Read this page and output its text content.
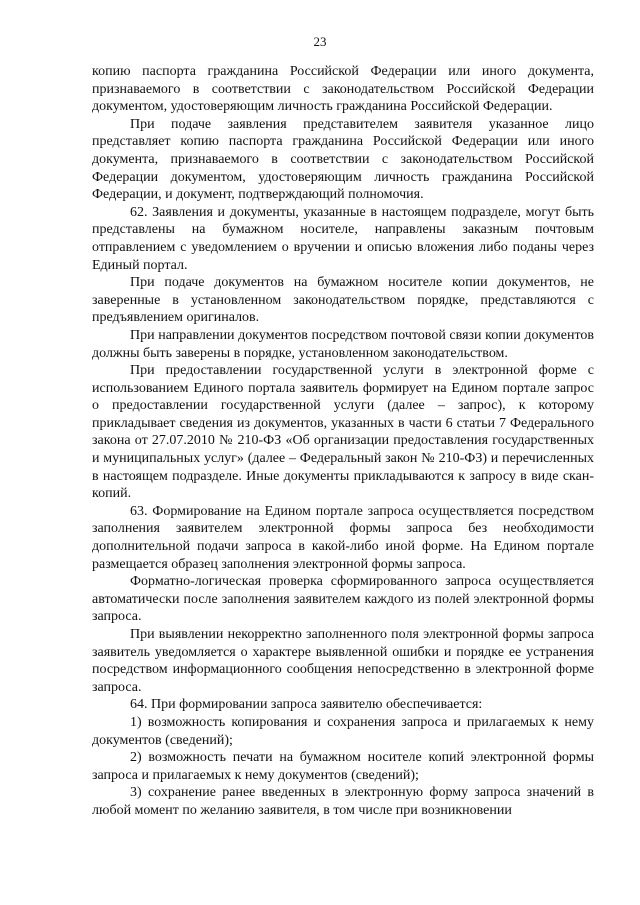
23

копию паспорта гражданина Российской Федерации или иного документа, признаваемого в соответствии с законодательством Российской Федерации документом, удостоверяющим личность гражданина Российской Федерации.

При подаче заявления представителем заявителя указанное лицо представляет копию паспорта гражданина Российской Федерации или иного документа, признаваемого в соответствии с законодательством Российской Федерации документом, удостоверяющим личность гражданина Российской Федерации, и документ, подтверждающий полномочия.

62. Заявления и документы, указанные в настоящем подразделе, могут быть представлены на бумажном носителе, направлены заказным почтовым отправлением с уведомлением о вручении и описью вложения либо поданы через Единый портал.

При подаче документов на бумажном носителе копии документов, не заверенные в установленном законодательством порядке, представляются с предъявлением оригиналов.

При направлении документов посредством почтовой связи копии документов должны быть заверены в порядке, установленном законодательством.

При предоставлении государственной услуги в электронной форме с использованием Единого портала заявитель формирует на Едином портале запрос о предоставлении государственной услуги (далее – запрос), к которому прикладывает сведения из документов, указанных в части 6 статьи 7 Федерального закона от 27.07.2010 № 210-ФЗ «Об организации предоставления государственных и муниципальных услуг» (далее – Федеральный закон № 210-ФЗ) и перечисленных в настоящем подразделе. Иные документы прикладываются к запросу в виде скан-копий.

63. Формирование на Едином портале запроса осуществляется посредством заполнения заявителем электронной формы запроса без необходимости дополнительной подачи запроса в какой-либо иной форме. На Едином портале размещается образец заполнения электронной формы запроса.

Форматно-логическая проверка сформированного запроса осуществляется автоматически после заполнения заявителем каждого из полей электронной формы запроса.

При выявлении некорректно заполненного поля электронной формы запроса заявитель уведомляется о характере выявленной ошибки и порядке ее устранения посредством информационного сообщения непосредственно в электронной форме запроса.

64. При формировании запроса заявителю обеспечивается:

1) возможность копирования и сохранения запроса и прилагаемых к нему документов (сведений);

2) возможность печати на бумажном носителе копий электронной формы запроса и прилагаемых к нему документов (сведений);

3) сохранение ранее введенных в электронную форму запроса значений в любой момент по желанию заявителя, в том числе при возникновении
